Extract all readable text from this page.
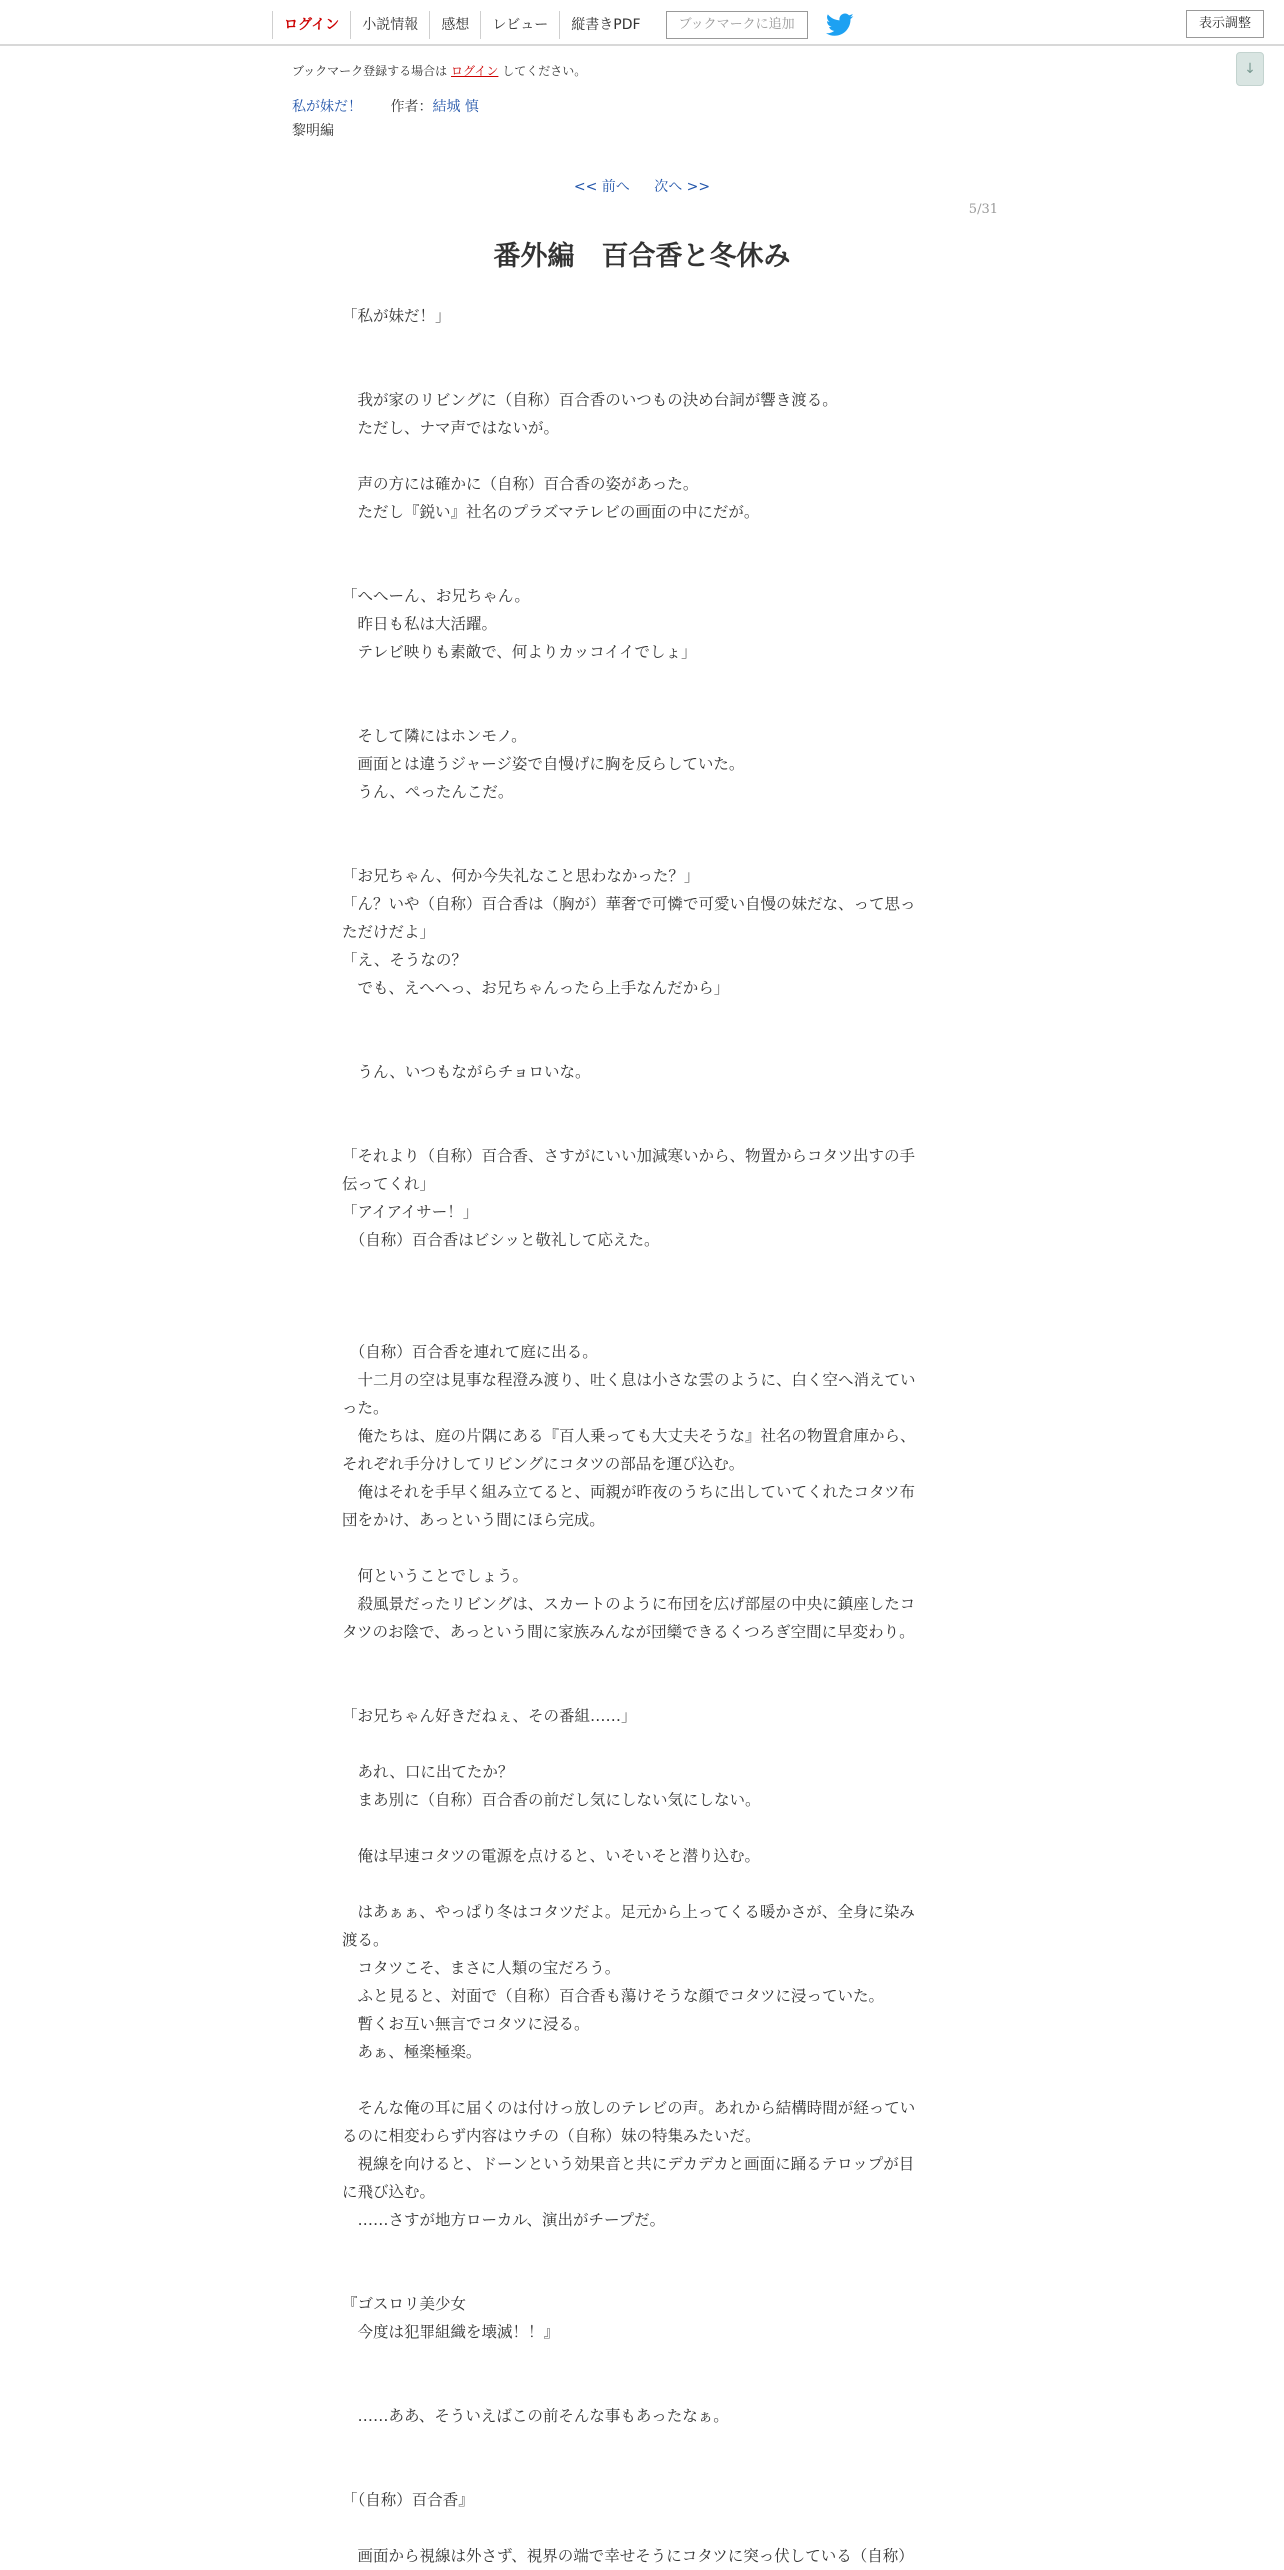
ログイン	小説情報	感想	レビュー	縦書きPDF	ブックマークに追加	表示調整
↓
ブックマーク登録する場合は ログイン してください。
私が妹だ！ 作者：結城 慎
黎明編
<< 前へ 次へ >>
5/31
番外編　百合香と冬休み
「私が妹だ！」
　我が家のリビングに（自称）百合香のいつもの決め台詞が響き渡る。
　ただし、ナマ声ではないが。
　声の方には確かに（自称）百合香の姿があった。
　ただし『鋭い』社名のプラズマテレビの画面の中にだが。
「へへーん、お兄ちゃん。
　昨日も私は大活躍。
　テレビ映りも素敵で、何よりカッコイイでしょ」
　そして隣にはホンモノ。
　画面とは違うジャージ姿で自慢げに胸を反らしていた。
　うん、ぺったんこだ。
「お兄ちゃん、何か今失礼なこと思わなかった？」
「ん？いや（自称）百合香は（胸が）華奢で可憐で可愛い自慢の妹だな、って思っ
ただけだよ」
「え、そうなの？
　でも、えへへっ、お兄ちゃんったら上手なんだから」
　うん、いつもながらチョロいな。
「それより（自称）百合香、さすがにいい加減寒いから、物置からコタツ出すの手
伝ってくれ」
「アイアイサー！」
　（自称）百合香はビシッと敬礼して応えた。
　（自称）百合香を連れて庭に出る。
　十二月の空は見事な程澄み渡り、吐く息は小さな雲のように、白く空へ消えてい
った。
　俺たちは、庭の片隅にある『百人乗っても大丈夫そうな』社名の物置倉庫から、
それぞれ手分けしてリビングにコタツの部品を運び込む。
　俺はそれを手早く組み立てると、両親が昨夜のうちに出していてくれたコタツ布
団をかけ、あっという間にほら完成。
　何ということでしょう。
　殺風景だったリビングは、スカートのように布団を広げ部屋の中央に鎮座したコ
タツのお陰で、あっという間に家族みんなが団欒できるくつろぎ空間に早変わり。
「お兄ちゃん好きだねぇ、その番組……」
　あれ、口に出てたか？
　まあ別に（自称）百合香の前だし気にしない気にしない。
　俺は早速コタツの電源を点けると、いそいそと潜り込む。
　はあぁぁ、やっぱり冬はコタツだよ。足元から上ってくる暖かさが、全身に染み
渡る。
　コタツこそ、まさに人類の宝だろう。
　ふと見ると、対面で（自称）百合香も蕩けそうな顔でコタツに浸っていた。
　暫くお互い無言でコタツに浸る。
　あぁ、極楽極楽。
　そんな俺の耳に届くのは付けっ放しのテレビの声。あれから結構時間が経ってい
るのに相変わらず内容はウチの（自称）妹の特集みたいだ。
　視線を向けると、ドーンという効果音と共にデカデカと画面に踊るテロップが目
に飛び込む。
　……さすが地方ローカル、演出がチープだ。
『ゴスロリ美少女
　今度は犯罪組織を壊滅！！』
　……ああ、そういえばこの前そんな事もあったなぁ。
「（自称）百合香』
　画面から視線は外さず、視界の端で幸せそうにコタツに突っ伏している（自称）
